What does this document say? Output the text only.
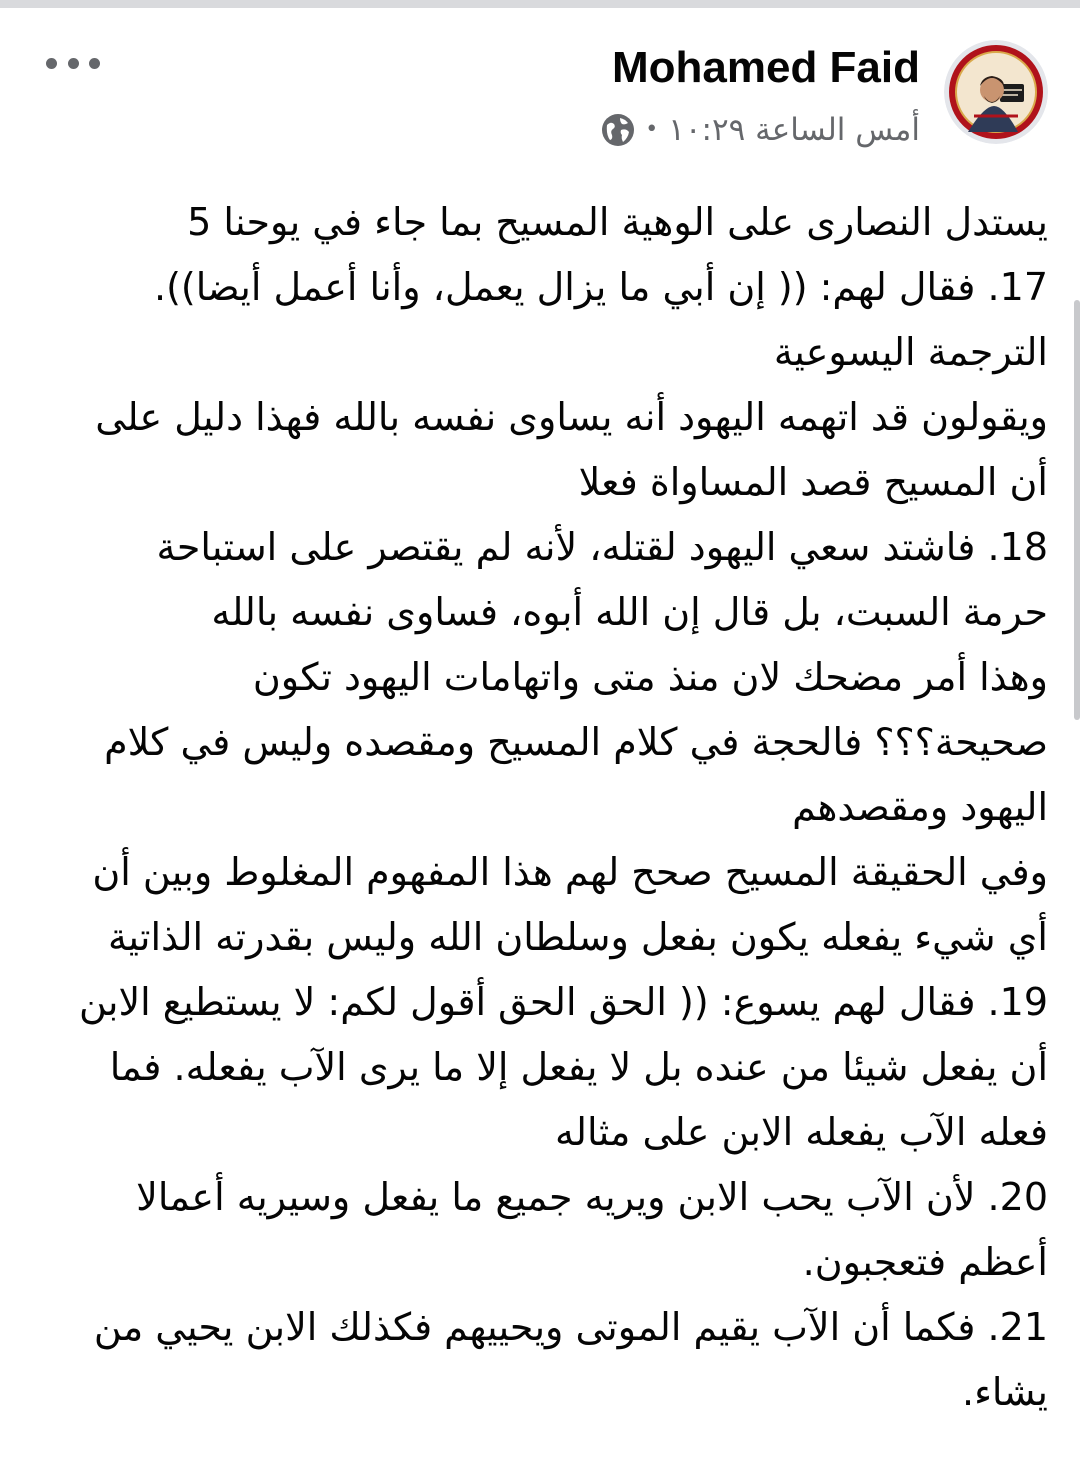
Mohamed Faid
أمس الساعة ١٠:٢٩
•
يستدل النصارى على الوهية المسيح بما جاء في يوحنا 5
17. فقال لهم: (( إن أبي ما يزال يعمل، وأنا أعمل أيضا)).
الترجمة اليسوعية
ويقولون قد اتهمه اليهود أنه يساوى نفسه بالله فهذا دليل على
أن المسيح قصد المساواة فعلا
18. فاشتد سعي اليهود لقتله، لأنه لم يقتصر على استباحة
حرمة السبت، بل قال إن الله أبوه، فساوى نفسه بالله
وهذا أمر مضحك لان منذ متى واتهامات اليهود تكون
صحيحة؟؟؟ فالحجة في كلام المسيح ومقصده وليس في كلام
اليهود ومقصدهم
وفي الحقيقة المسيح صحح لهم هذا المفهوم المغلوط وبين أن
أي شيء يفعله يكون بفعل وسلطان الله وليس بقدرته الذاتية
19. فقال لهم يسوع: (( الحق الحق أقول لكم: لا يستطيع الابن
أن يفعل شيئا من عنده بل لا يفعل إلا ما يرى الآب يفعله. فما
فعله الآب يفعله الابن على مثاله
20. لأن الآب يحب الابن ويريه جميع ما يفعل وسيريه أعمالا
أعظم فتعجبون.
21. فكما أن الآب يقيم الموتى ويحييهم فكذلك الابن يحيي من
يشاء.
